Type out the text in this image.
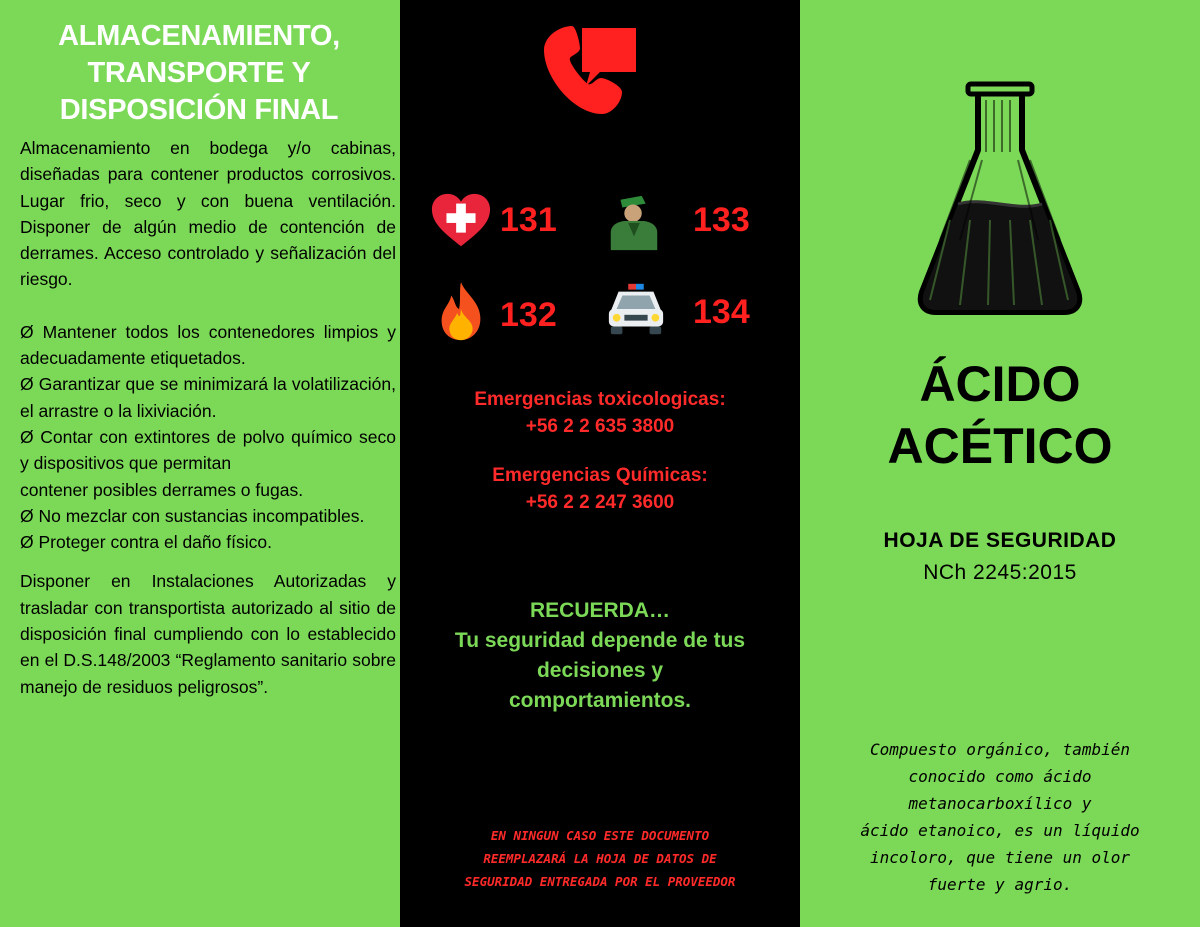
ALMACENAMIENTO,
TRANSPORTE Y
DISPOSICIÓN FINAL

Almacenamiento en bodega y/o cabinas, diseñadas para contener productos corrosivos. Lugar frio, seco y con buena ventilación. Disponer de algún medio de contención de derrames. Acceso controlado y señalización del riesgo.

Ø Mantener todos los contenedores limpios y adecuadamente etiquetados.

Ø Garantizar que se minimizará la volatilización, el arrastre o la lixiviación.

Ø Contar con extintores de polvo químico seco y dispositivos que permitan

contener posibles derrames o fugas.

Ø No mezclar con sustancias incompatibles.

Ø Proteger contra el daño físico.

Disponer en Instalaciones Autorizadas y trasladar con transportista autorizado al sitio de disposición final cumpliendo con lo establecido en el D.S.148/2003 “Reglamento sanitario sobre manejo de residuos peligrosos”.

131	133
132	134
Emergencias toxicologicas:
+56 2 2 635 3800
Emergencias Químicas:
+56 2 2 247 3600
RECUERDA…
Tu seguridad depende de tus
decisiones y
comportamientos.
EN NINGUN CASO ESTE DOCUMENTO
REEMPLAZARÁ LA HOJA DE DATOS DE
SEGURIDAD ENTREGADA POR EL PROVEEDOR
ÁCIDO
ACÉTICO
HOJA DE SEGURIDAD
NCh 2245:2015
Compuesto orgánico, también
conocido como ácido
metanocarboxílico y
ácido etanoico, es un líquido
incoloro, que tiene un olor
fuerte y agrio.
